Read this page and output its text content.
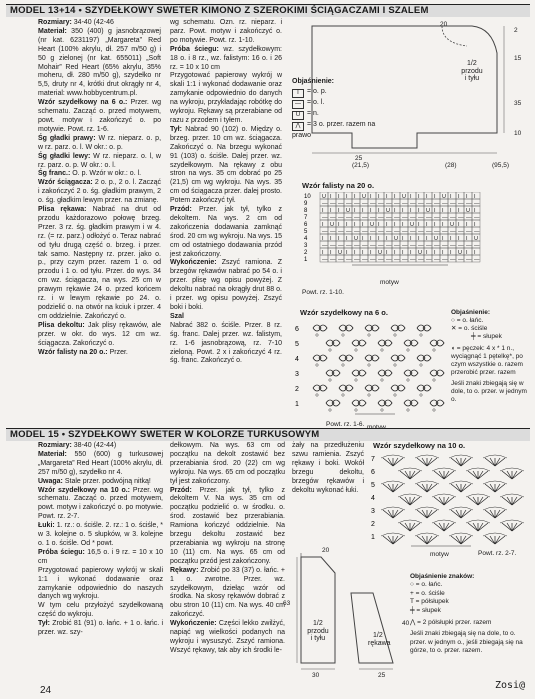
MODEL 13+14 • SZYDEŁKOWY SWETER KIMONO Z SZEROKIMI ŚCIĄGACZAMI I SZALEM

Rozmiary: 34-40 (42-46

Materiał: 350 (400) g jasnobrązowej (nr kat. 6231197) „Margareta” Red Heart (100% akrylu, dł. 257 m/50 g) i 50 g zielonej (nr kat. 655011) „Soft Mohair” Red Heart (65% akrylu, 35% moheru, dł. 280 m/50 g), szydełko nr 5,5, druty nr 4, krótki drut okrągły nr 4, material: www.hobbycentrum.pl.

Wzór szydełkowy na 6 o.: Przer. wg schematu. Zacząć o. przed motywem, powt. motyw i zakończyć o. po motywie. Powt. rz. 1-6.

Śg gładki prawy: W rz. nieparz. o. p, w rz. parz. o. l. W okr.: o. p.

Śg gładki lewy: W rz. nieparz. o. l, w rz. parz. o. p. W okr.: o. l.

Śg franc.: O. p. Wzór w okr.: o. l.

Wzór ściągacza: 2 o. p., 2 o. l. Zacząć i zakończyć 2 o. śg. gładkim prawym, 2 o. śg. gładkim lewym przer. na zmianę.

Plisa rękawa: Nabrać na drut od przodu każdorazowo połowę brzeg. Przer. 3 rz. śg. gładkim prawym i w 4. rz. (= rz. parz.) odłożyć o. Teraz nabrać od tyłu drugą część o. brzeg. i przer. tak samo. Następny rz. przer. jako o. p., przy czym przer. razem 1 o. od przodu i 1 o. od tyłu. Przer. do wys. 34 cm wz. ściągacza, na wys. 25 cm w prawym rękawie 24 o. przed końcem rz. i w lewym rękawie po 24. o. podzielić o. na otwór na kciuk i przer. 4 cm oddzielnie. Zakończyć o.

Plisa dekoltu: Jak plisy rękawów, ale przer. w okr. do wys. 12 cm wz. ściągacza. Zakończyć o.

Wzór falisty na 20 o.: Przer.

wg schematu. Ozn. rz. nieparz. i parz. Powt. motyw i zakończyć o. po motywie. Powt. rz. 1-10.

Próba ściegu: wz. szydełkowym: 18 o. i 8 rz., wz. falistym: 16 o. i 26 rz. = 10 x 10 cm

Przygotować papierowy wykrój w skali 1:1 i wykonać dodawanie oraz zamykanie odpowiednio do danych na wykroju, przykładając robótkę do wykroju. Rękawy są przerabiane od razu z przodem i tyłem.

Tył: Nabrać 90 (102) o. Między o. brzeg. przer. 10 cm wz. ściągacza. Zakończyć o. Na brzegu wykonać 91 (103) o. ściśle. Dalej przer. wz. szydełkowym. Na rękawy z obu stron na wys. 35 cm dobrać po 25 (21,5) cm wg wykroju. Na wys. 35 cm od ściągacza przer. dalej prosto. Potem zakończyć tył.

Przód: Przer. jak tył, tylko z dekoltem. Na wys. 2 cm od zakończenia dodawania zamknąć środ. 20 cm wg wykroju. Na wys. 15 cm od ostatniego dodawania przód jest zakończony.

Wykończenie: Zszyć ramiona. Z brzegów rękawów nabrać po 54 o. i przer. plisę wg opisu powyżej. Z dekoltu nabrać na okrągły drut 88 o. i przer. wg opisu powyżej. Zszyć boki i boki.

Szal

Nabrać 382 o. ściśle. Przer. 8 rz. śg. franc. Dalej przer. wz. falistym, rz. 1-6 jasnobrązową, rz. 7-10 zieloną. Powt. 2 x i zakończyć 4 rz. śg. franc. Zakończyć o.

1/2
przodu
i tyłu
2
15
20
35
10
25
(21,5)	(28)	(95,5)
Objaśnienie:
I = o. p.
— = o. l.
U = n.
⋀ = 3 o. przer. razem na prawo
Wzór falisty na 20 o.
10 U I I I I U I I I I U I I I I U I I I I
9	— — — — — — — — — — — — — — — — — — — —
8	I I I U I I I I U I I I I U I I I I U I
7	— — — — — — — — — — — — — — — — — — — —
6	I U I I I I U I I I I U I I I I U I I I
5	— — — — — — — — — — — — — — — — — — — —
4	I I I I U I I I I U I I I I U I I I I U
3	— — — — — — — — — — — — — — — — — — — —
2	I I U I I I I U I I I I U I I I I U I I
1	— — — — — — — — — — — — — — — — — — — —
motyw
Powt. rz. 1-10.
Wzór szydełkowy na 6 o.
6
5
4
3
2
1
Powt. rz. 1-6.
Objaśnienie:
○ = o. łańc.
✕ = o. ściśle
╪ = słupek
◖ = pęczek: 4 x * 1 n., wyciągnąć 1 pętelkę*, po czym wszystkie o. razem przerobić przer. razem
Jeśli znaki zbiegają się w dole, to o. przer. w jednym o.
MODEL 15 • SZYDEŁKOWY SWETER W KOLORZE TURKUSOWYM

Rozmiary: 38-40 (42-44)

Materiał: 550 (600) g turkusowej „Margareta” Red Heart (100% akrylu, dł. 257 m/50 g), szydełko nr 4.

Uwaga: Stale przer. podwójną nitką!

Wzór szydełkowy na 10 o.: Przer. wg schematu. Zacząć o. przed motywem, powt. motyw i zakończyć o. po motywie. Powt. rz. 2-7.

Łuki: 1. rz.: o. ściśle. 2. rz.: 1 o. ściśle, * w 3. kolejne o. 5 słupków, w 3. kolejne o. 1 o. ściśle. Od * powt.

Próba ściegu: 16,5 o. i 9 rz. = 10 x 10 cm

Przygotować papierowy wykrój w skali 1:1 i wykonać dodawanie oraz zamykanie odpowiednio do naszych danych wg wykroju.

W tym celu przyłożyć szydełkowaną część do wykroju.

Tył: Zrobić 81 (91) o. łańc. + 1 o. łańc. i przer. wz. szy-

dełkowym. Na wys. 63 cm od początku na dekolt zostawić bez przerabiania środ. 20 (22) cm wg wykroju. Na wys. 65 cm od początku tył jest zakończony.

Przód: Przer. jak tył, tylko z dekoltem V. Na wys. 35 cm od początku podzielić o. w środku. o. środ. zostawić bez przerabiania. Ramiona kończyć oddzielnie. Na brzegu dekoltu zostawić bez przerabiania wg wykroju na stronę 10 (11) cm. Na wys. 65 cm od początku przód jest zakończony.

Rękawy: Zrobić po 33 (37) o. łańc. + 1 o. zwrotne. Przer. wz. szydełkowym, dziełąc wzór od środka. Na skosy rękawów dobrać z obu stron 10 (11) cm. Na wys. 40 cm zakończyć.

Wykończenie: Części lekko zwilżyć, napiąć wg wielkości podanych na wykroju i wysuszyć. Zszyć ramiona. Wszyć rękawy, tak aby ich środki le-

żały na przedłużeniu szwu ramienia. Zszyć rękawy i boki. Wokół brzegu dekoltu, brzegów rękawów i dekoltu wykonać łuki.

Wzór szydełkowy na 10 o.
7
6
5
4
3
2
1
Powt. rz. 2-7.
motyw
Objaśnienie znaków:
○ = o. łańc.
+ = o. ściśle
T = półsłupek
╪ = słupek
⋀ = 2 półsłupki przer. razem
Jeśli znaki zbiegają się na dole, to o. przer. w jednym o., jeśli zbiegają się na górze, to o. przer. razem.
1/2
przodu
i tyłu	1/2
rękawa
63
20
40
30	25
24	Zosi@
